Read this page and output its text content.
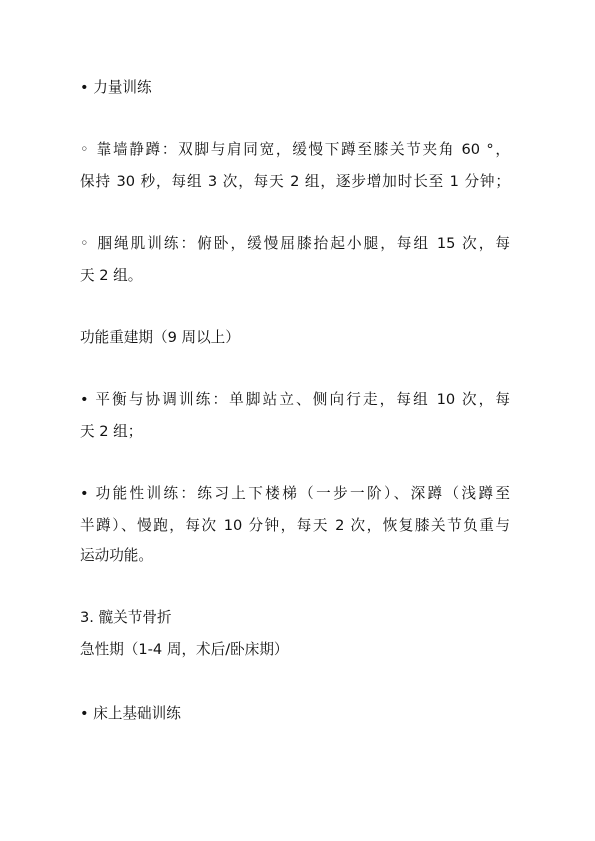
• 力量训练
◦ 靠墙静蹲：双脚与肩同宽，缓慢下蹲至膝关节夹角 60 °，
保持 30 秒，每组 3 次，每天 2 组，逐步增加时长至 1 分钟；
◦ 腘绳肌训练：俯卧，缓慢屈膝抬起小腿，每组 15 次，每
天 2 组。
功能重建期（9 周以上）
• 平衡与协调训练：单脚站立、侧向行走，每组 10 次，每
天 2 组；
• 功能性训练：练习上下楼梯（一步一阶）、深蹲（浅蹲至
半蹲）、慢跑，每次 10 分钟，每天 2 次，恢复膝关节负重与
运动功能。
3. 髋关节骨折
急性期（1-4 周，术后/卧床期）
• 床上基础训练
